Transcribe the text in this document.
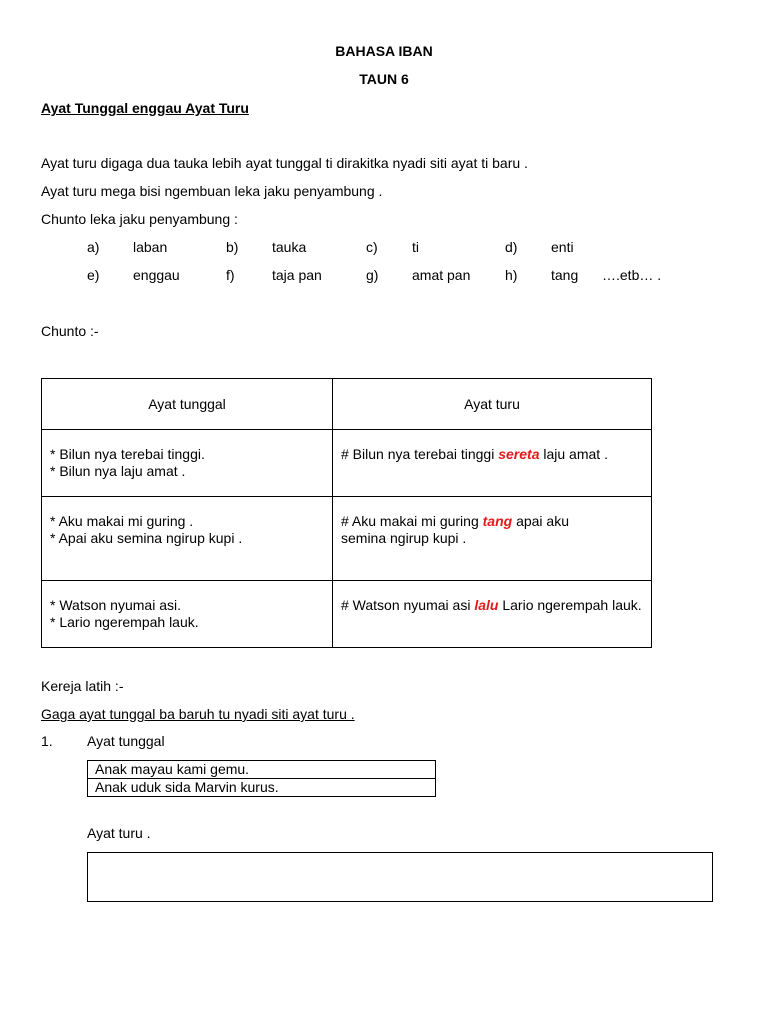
BAHASA IBAN
TAUN 6
Ayat Tunggal enggau Ayat Turu
Ayat turu digaga dua tauka lebih ayat tunggal ti dirakitka nyadi siti ayat ti baru .
Ayat turu mega bisi ngembuan leka jaku penyambung .
Chunto leka jaku penyambung :
a) laban	b) tauka	c) ti	d) enti
e) enggau	f)	taja pan	g) amat pan h) tang ….etb… .
Chunto :-
Ayat tunggal	Ayat turu

* Bilun nya terebai tinggi.
* Bilun nya laju amat .	# Bilun nya terebai tinggi sereta laju amat .

* Aku makai mi guring .
* Apai aku semina ngirup kupi .	# Aku makai mi guring tang apai aku semina ngirup kupi .

* Watson nyumai asi.
* Lario ngerempah lauk.	# Watson nyumai asi lalu Lario ngerempah lauk.
Kereja latih :-
Gaga ayat tunggal ba baruh tu nyadi siti ayat turu .
1. Ayat tunggal
Anak mayau kami gemu.
Anak uduk sida Marvin kurus.
Ayat turu .
